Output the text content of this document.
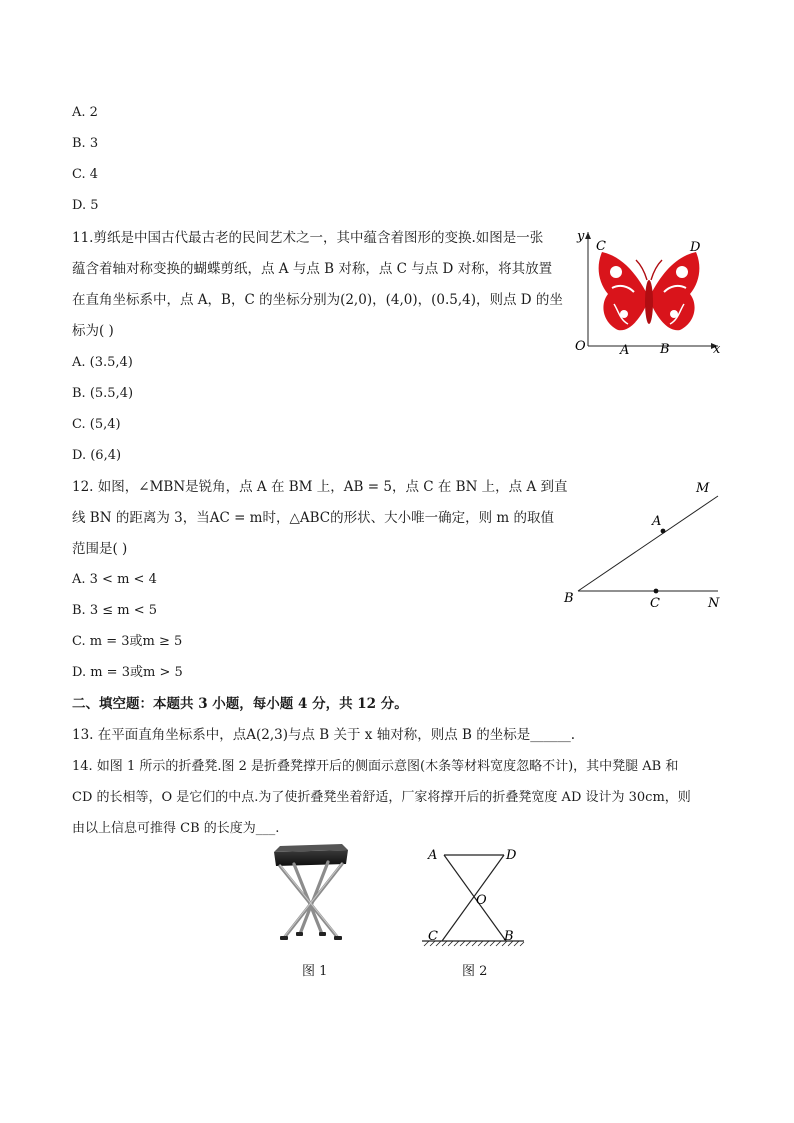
A. 2
B. 3
C. 4
D. 5
11.剪纸是中国古代最古老的民间艺术之一，其中蕴含着图形的变换.如图是一张
蕴含着轴对称变换的蝴蝶剪纸，点 A 与点 B 对称，点 C 与点 D 对称，将其放置
在直角坐标系中，点 A，B，C 的坐标分别为(2,0)，(4,0)，(0.5,4)，则点 D 的坐
标为( )
A. (3.5,4)
B. (5.5,4)
C. (5,4)
D. (6,4)
y
x
O	A B
C	D
12. 如图，∠MBN是锐角，点 A 在 BM 上，AB = 5，点 C 在 BN 上，点 A 到直
线 BN 的距离为 3，当AC = m时，△ABC的形状、大小唯一确定，则 m 的取值
范围是( )
A. 3 < m < 4
B. 3 ≤ m < 5
C. m = 3或m ≥ 5
D. m = 3或m > 5
M
A
B	C	N
二、填空题：本题共 3 小题，每小题 4 分，共 12 分。
13. 在平面直角坐标系中，点A(2,3)与点 B 关于 x 轴对称，则点 B 的坐标是______.
14. 如图 1 所示的折叠凳.图 2 是折叠凳撑开后的侧面示意图(木条等材料宽度忽略不计)，其中凳腿 AB 和
CD 的长相等，O 是它们的中点.为了使折叠凳坐着舒适，厂家将撑开后的折叠凳宽度 AD 设计为 30cm，则
由以上信息可推得 CB 的长度为___.
图 1
A	D
O
C	B
图 2
